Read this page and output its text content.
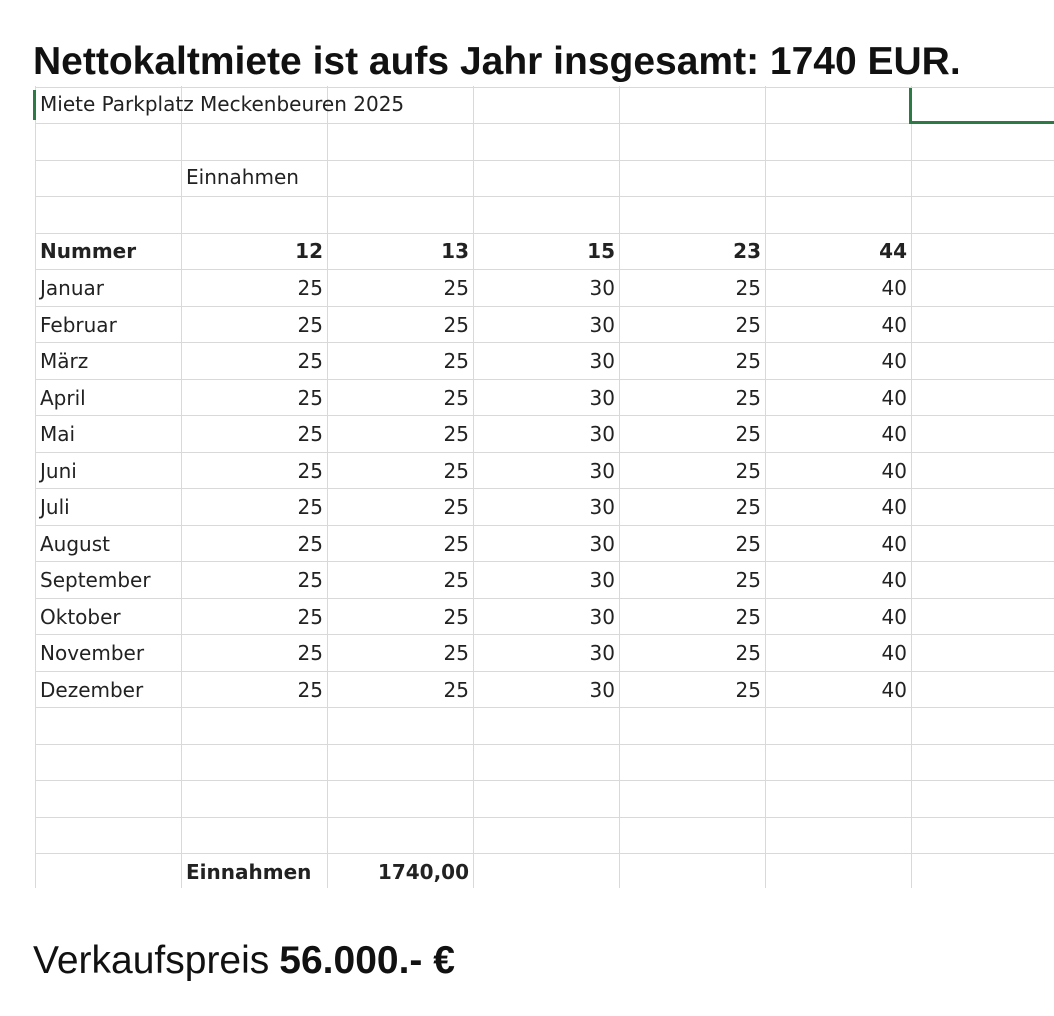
Nettokaltmiete ist aufs Jahr insgesamt: 1740 EUR.
Miete Parkplatz Meckenbeuren 2025
Einnahmen
Nummer	12	13	15	23	44
Januar	25	25	30	25	40
Februar	25	25	30	25	40
März	25	25	30	25	40
April	25	25	30	25	40
Mai	25	25	30	25	40
Juni	25	25	30	25	40
Juli	25	25	30	25	40
August	25	25	30	25	40
September	25	25	30	25	40
Oktober	25	25	30	25	40
November	25	25	30	25	40
Dezember	25	25	30	25	40
Einnahmen	1740,00
Verkaufspreis 56.000.- €
